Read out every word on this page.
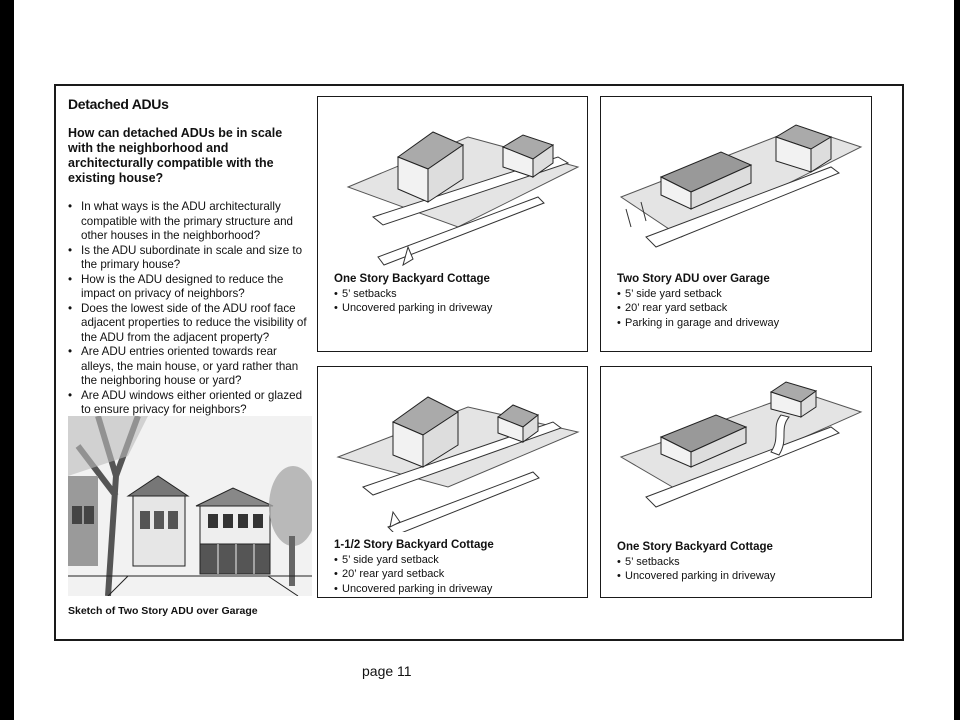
Detached ADUs
How can detached ADUs be in scale with the neighborhood and architecturally compatible with the existing house?
• In what ways is the ADU architecturally compatible with the primary structure and other houses in the neighborhood?
• Is the ADU subordinate in scale and size to the primary house?
• How is the ADU designed to reduce the impact on privacy of neighbors?
• Does the lowest side of the ADU roof face adjacent properties to reduce the visibility of the ADU from the adjacent property?
• Are ADU entries oriented towards rear alleys, the main house, or yard rather than the neighboring house or yard?
• Are ADU windows either oriented or glazed to ensure privacy for neighbors?
Sketch of Two Story ADU over Garage
One Story Backyard Cottage
• 5’ setbacks
• Uncovered parking in driveway
Two Story ADU over Garage
• 5’ side yard setback
• 20’ rear yard setback
• Parking in garage and driveway
1-1/2 Story Backyard Cottage
• 5’ side yard setback
• 20’ rear yard setback
• Uncovered parking in driveway
One Story Backyard Cottage
• 5’ setbacks
• Uncovered parking in driveway
page 11
